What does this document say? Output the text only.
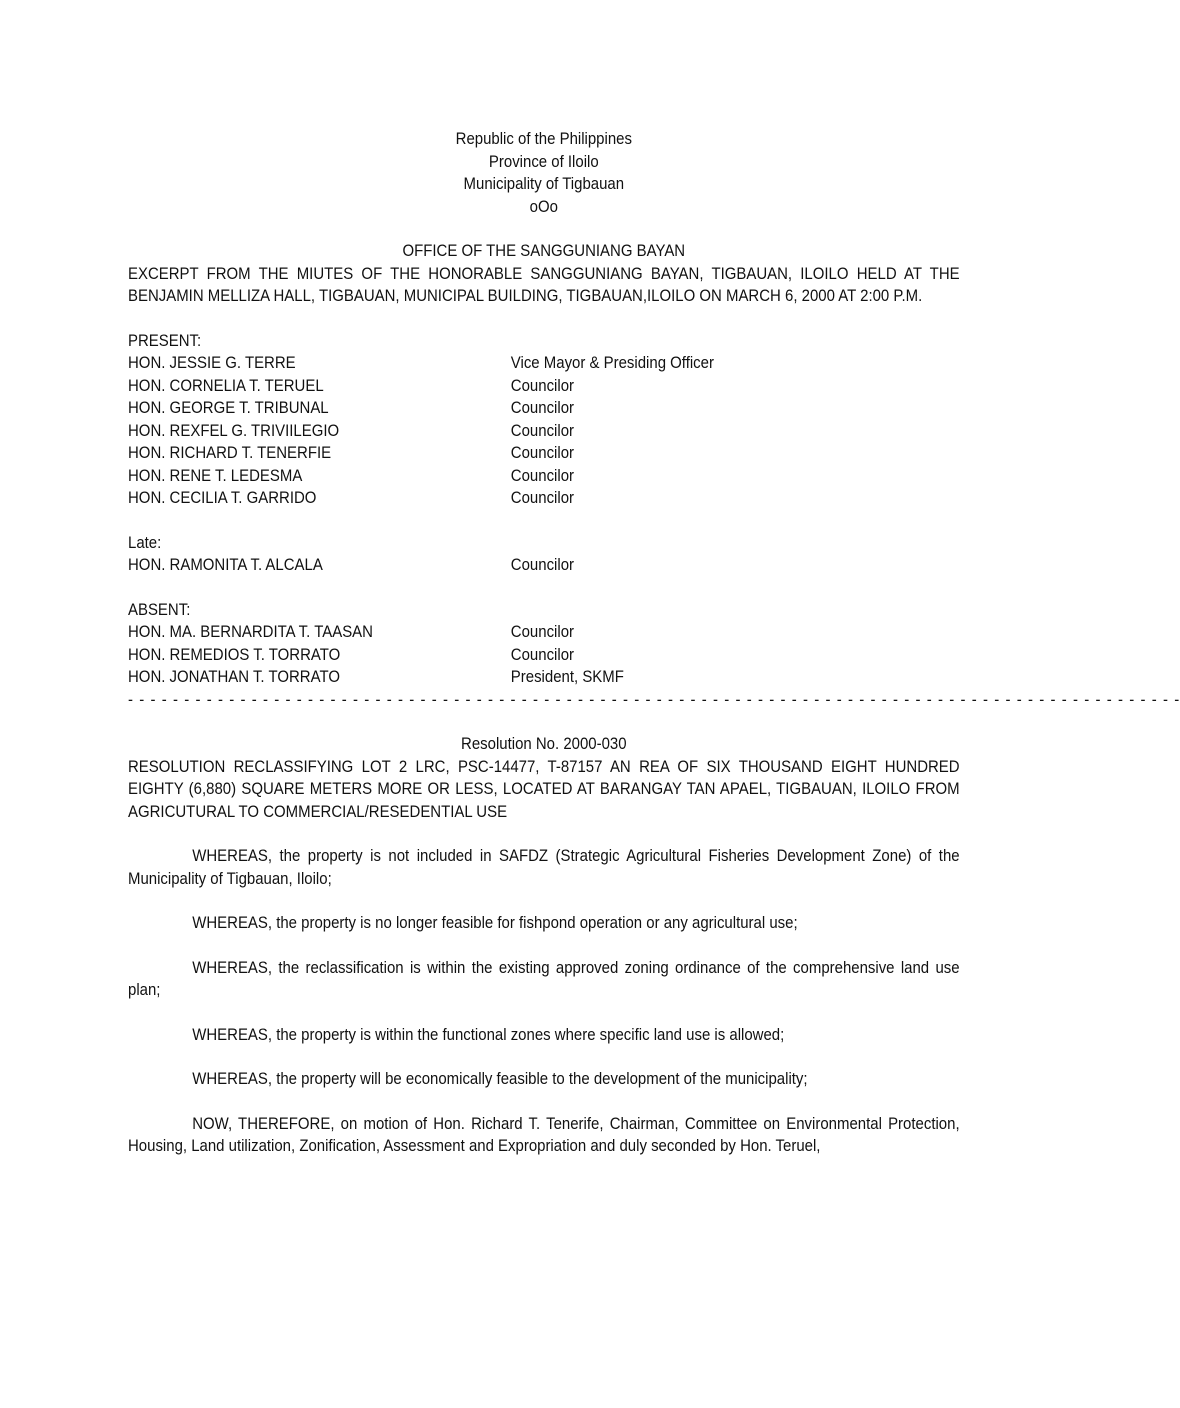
Republic of the Philippines
Province of Iloilo
Municipality of Tigbauan
oOo
OFFICE OF THE SANGGUNIANG BAYAN
EXCERPT FROM THE MIUTES OF THE HONORABLE SANGGUNIANG BAYAN, TIGBAUAN, ILOILO HELD AT THE BENJAMIN MELLIZA HALL, TIGBAUAN, MUNICIPAL BUILDING, TIGBAUAN,ILOILO ON MARCH 6, 2000 AT 2:00 P.M.
PRESENT:
HON. JESSIE G. TERRE	Vice Mayor & Presiding Officer
HON. CORNELIA T. TERUEL	Councilor
HON. GEORGE T. TRIBUNAL	Councilor
HON. REXFEL G. TRIVIILEGIO	Councilor
HON. RICHARD T. TENERFIE	Councilor
HON. RENE T. LEDESMA	Councilor
HON. CECILIA T. GARRIDO	Councilor
Late:
HON. RAMONITA T. ALCALA	Councilor
ABSENT:
HON. MA. BERNARDITA T. TAASAN	Councilor
HON. REMEDIOS T. TORRATO	Councilor
HON. JONATHAN T. TORRATO	President, SKMF
- - - - - - - - - - - - - - - - - - - - - - - - - - - - - - - - - - - - - - - - - - - - - - - - - - - - - - - - - - - - - - - - - - - - - - - - - - - - - - - - - - - - - - - - - - - - - -
Resolution No. 2000-030
RESOLUTION RECLASSIFYING LOT 2 LRC, PSC-14477, T-87157 AN REA OF SIX THOUSAND EIGHT HUNDRED EIGHTY (6,880) SQUARE METERS MORE OR LESS, LOCATED AT BARANGAY TAN APAEL, TIGBAUAN, ILOILO FROM AGRICUTURAL TO COMMERCIAL/RESEDENTIAL USE
WHEREAS, the property is not included in SAFDZ (Strategic Agricultural Fisheries Development Zone) of the Municipality of Tigbauan, Iloilo;
WHEREAS, the property is no longer feasible for fishpond operation or any agricultural use;
WHEREAS, the reclassification is within the existing approved zoning ordinance of the comprehensive land use plan;
WHEREAS, the property is within the functional zones where specific land use is allowed;
WHEREAS, the property will be economically feasible to the development of the municipality;
NOW, THEREFORE, on motion of Hon. Richard T. Tenerife, Chairman, Committee on Environmental Protection, Housing, Land utilization, Zonification, Assessment and Expropriation and duly seconded by Hon. Teruel,
